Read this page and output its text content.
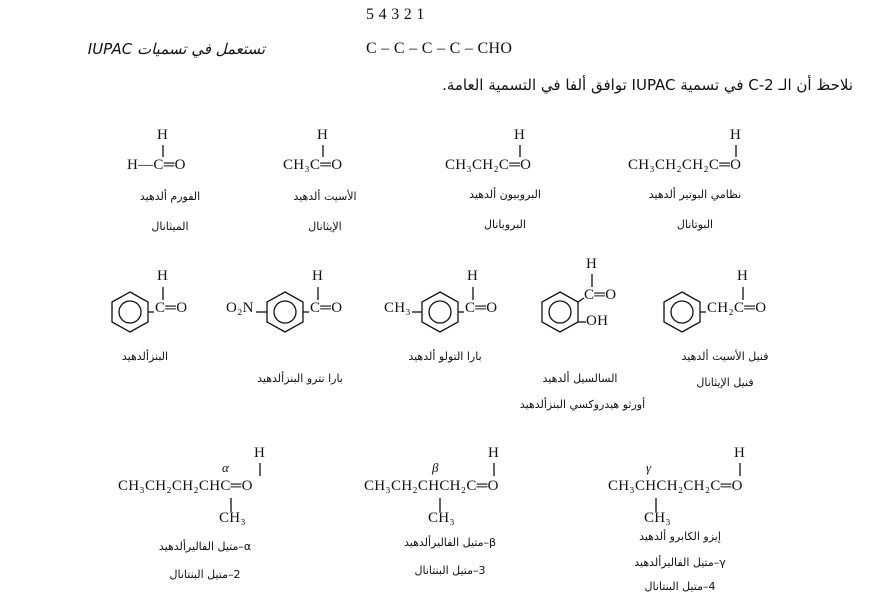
5 4 3 2 1
C – C – C – C – CHO
تستعمل في تسميات IUPAC
نلاحظ أن الـ C-2 في تسمية IUPAC توافق ألفا في التسمية العامة.
H
H—C═O
الفورم ألدهيد
الميثانال
H
CH₃C═O
الأسيت ألدهيد
الإيثانال
H
CH₃CH₂C═O
البروبيون ألدهيد
البروبانال
H
CH₃CH₂CH₂C═O
نظامي البوتير ألدهيد
البوتانال
H
C═O
البنزألدهيد
O₂N
H
C═O
بارا نترو البنزألدهيد
CH₃
H
C═O
بارا التولو ألدهيد
H
C═O
OH
السالسيل ألدهيد
أورثو هيدروكسي البنزألدهيد
H
CH₂C═O
فنيل الأسيت ألدهيد
فنيل الإيثانال
H
α
CH₃CH₂CH₂CHC═O
CH₃
α–متيل الفاليرألدهيد
2–متيل البنتانال
H
β
CH₃CH₂CHCH₂C═O
CH₃
β–متيل الفاليرألدهيد
3–متيل البنتانال
H
γ
CH₃CHCH₂CH₂C═O
CH₃
إيزو الكابرو ألدهيد
γ–متيل الفاليرألدهيد
4–متيل البنتانال
